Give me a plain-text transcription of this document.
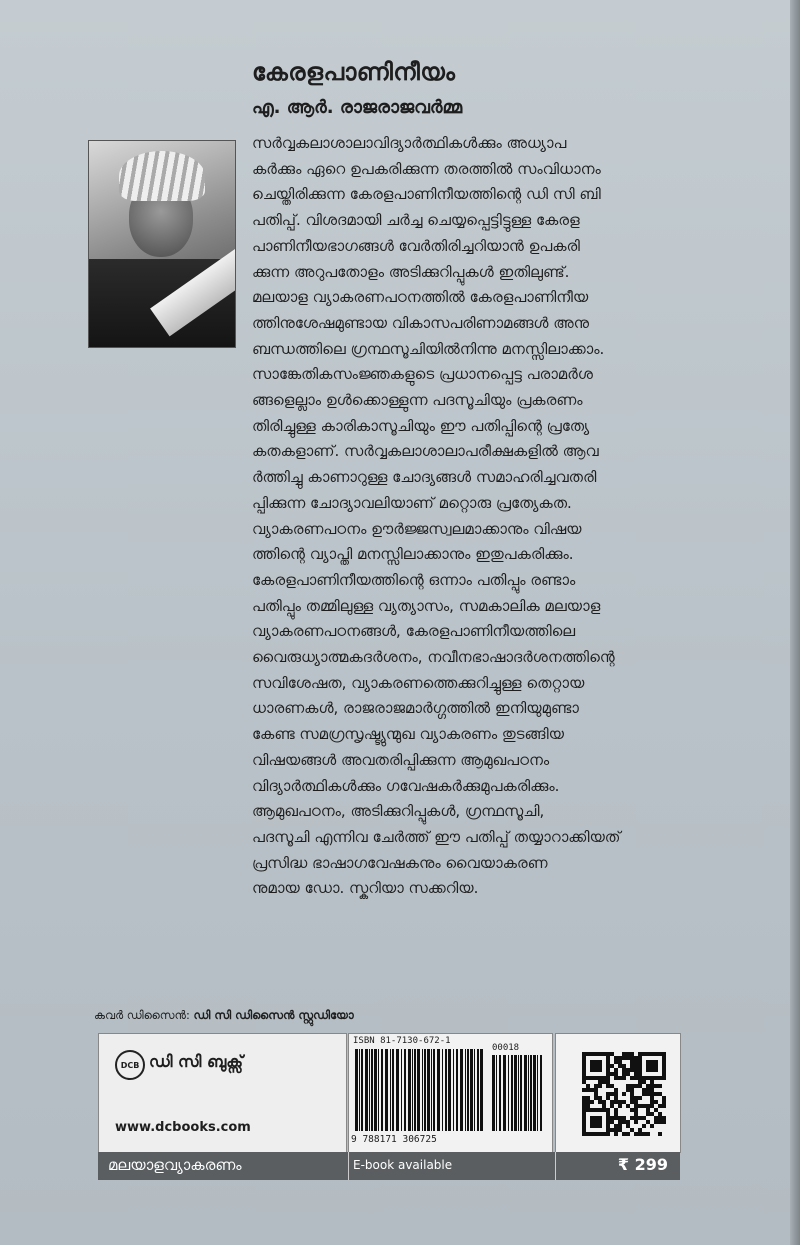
കേരളപാണിനീയം
എ. ആർ. രാജരാജവർമ്മ
സർവ്വകലാശാലാവിദ്യാർത്ഥികൾക്കും അധ്യാപ
കർക്കും ഏറെ ഉപകരിക്കുന്ന തരത്തിൽ സംവിധാനം
ചെയ്തിരിക്കുന്ന കേരളപാണിനീയത്തിന്റെ ഡി സി ബി
പതിപ്പ്. വിശദമായി ചർച്ച ചെയ്യപ്പെട്ടിട്ടുള്ള കേരള
പാണിനീയഭാഗങ്ങൾ വേർതിരിച്ചറിയാൻ ഉപകരി
ക്കുന്ന അറുപതോളം അടിക്കുറിപ്പുകൾ ഇതിലുണ്ട്.
മലയാള വ്യാകരണപഠനത്തിൽ കേരളപാണിനീയ
ത്തിനുശേഷമുണ്ടായ വികാസപരിണാമങ്ങൾ അനു
ബന്ധത്തിലെ ഗ്രന്ഥസൂചിയിൽനിന്നു മനസ്സിലാക്കാം.
സാങ്കേതികസംജ്ഞകളുടെ പ്രധാനപ്പെട്ട പരാമർശ
ങ്ങളെല്ലാം ഉൾക്കൊള്ളുന്ന പദസൂചിയും പ്രകരണം
തിരിച്ചുള്ള കാരികാസൂചിയും ഈ പതിപ്പിന്റെ പ്രത്യേ
കതകളാണ്. സർവ്വകലാശാലാപരീക്ഷകളിൽ ആവ
ർത്തിച്ചു കാണാറുള്ള ചോദ്യങ്ങൾ സമാഹരിച്ചവതരി
പ്പിക്കുന്ന ചോദ്യാവലിയാണ് മറ്റൊരു പ്രത്യേകത.
വ്യാകരണപഠനം ഊർജ്ജസ്വലമാക്കാനും വിഷയ
ത്തിന്റെ വ്യാപ്തി മനസ്സിലാക്കാനും ഇതുപകരിക്കും.
കേരളപാണിനീയത്തിന്റെ ഒന്നാം പതിപ്പും രണ്ടാം
പതിപ്പും തമ്മിലുള്ള വ്യത്യാസം, സമകാലിക മലയാള
വ്യാകരണപഠനങ്ങൾ, കേരളപാണിനീയത്തിലെ
വൈരുധ്യാത്മകദർശനം, നവീനഭാഷാദർശനത്തിന്റെ
സവിശേഷത, വ്യാകരണത്തെക്കുറിച്ചുള്ള തെറ്റായ
ധാരണകൾ, രാജരാജമാർഗ്ഗത്തിൽ ഇനിയുമുണ്ടാ
കേണ്ട സമഗ്രസൃഷ്ട്യുന്മുഖ വ്യാകരണം തുടങ്ങിയ
വിഷയങ്ങൾ അവതരിപ്പിക്കുന്ന ആമുഖപഠനം
വിദ്യാർത്ഥികൾക്കും ഗവേഷകർക്കുമുപകരിക്കും.
ആമുഖപഠനം, അടിക്കുറിപ്പുകൾ, ഗ്രന്ഥസൂചി,
പദസൂചി എന്നിവ ചേർത്ത് ഈ പതിപ്പ് തയ്യാറാക്കിയത്
പ്രസിദ്ധ ഭാഷാഗവേഷകനും വൈയാകരണ
നുമായ ഡോ. സ്കറിയാ സക്കറിയ.
കവർ ഡിസൈൻ: ഡി സി ഡിസൈൻ സ്റ്റുഡിയോ
DCB ഡി സി ബുക്സ്
www.dcbooks.com
ISBN 81-7130-672-1
00018
9 788171 306725
മലയാളവ്യാകരണം	E-book available	₹ 299
